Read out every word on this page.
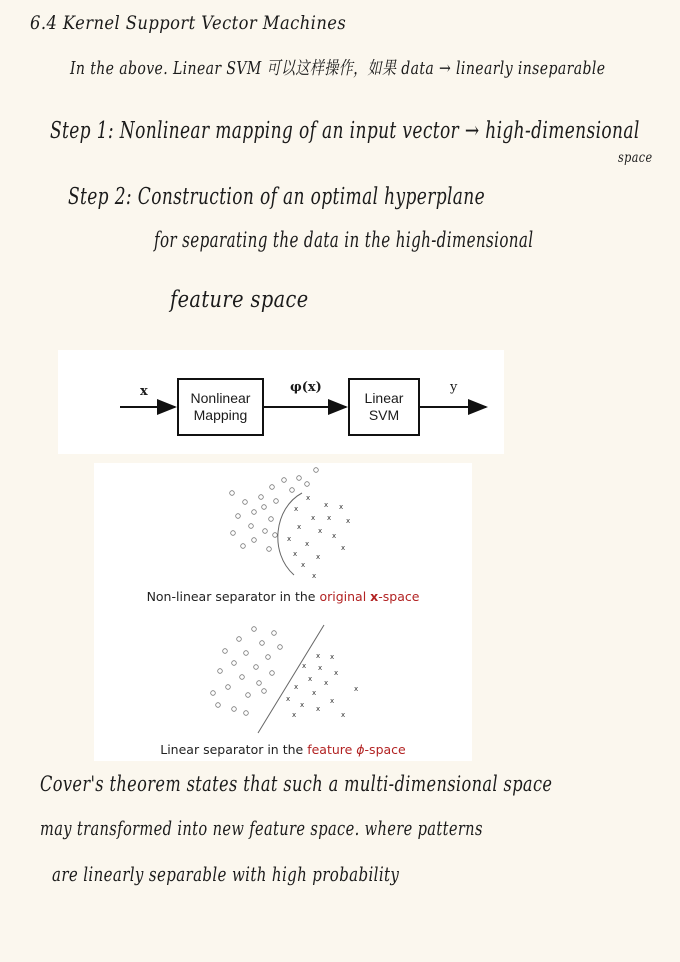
6.4 Kernel Support Vector Machines
In the above. Linear SVM 可以这样操作，如果 data → linearly inseparable
Step 1: Nonlinear mapping of an input vector → high-dimensional
space
Step 2: Construction of an optimal hyperplane
for separating the data in the high-dimensional
feature space
x	Nonlinear
Mapping
φ(x)
Linear
SVM
y
x
x x
x
x x x
x x
x
x
x	x
x	x
x
x
x x
x x
x
x x
x	x
x
x	x
x x
x	x
Non-linear separator in the original x-space
Linear separator in the feature ϕ-space
Cover's theorem states that such a multi-dimensional space
may transformed into new feature space. where patterns
are linearly separable with high probability
